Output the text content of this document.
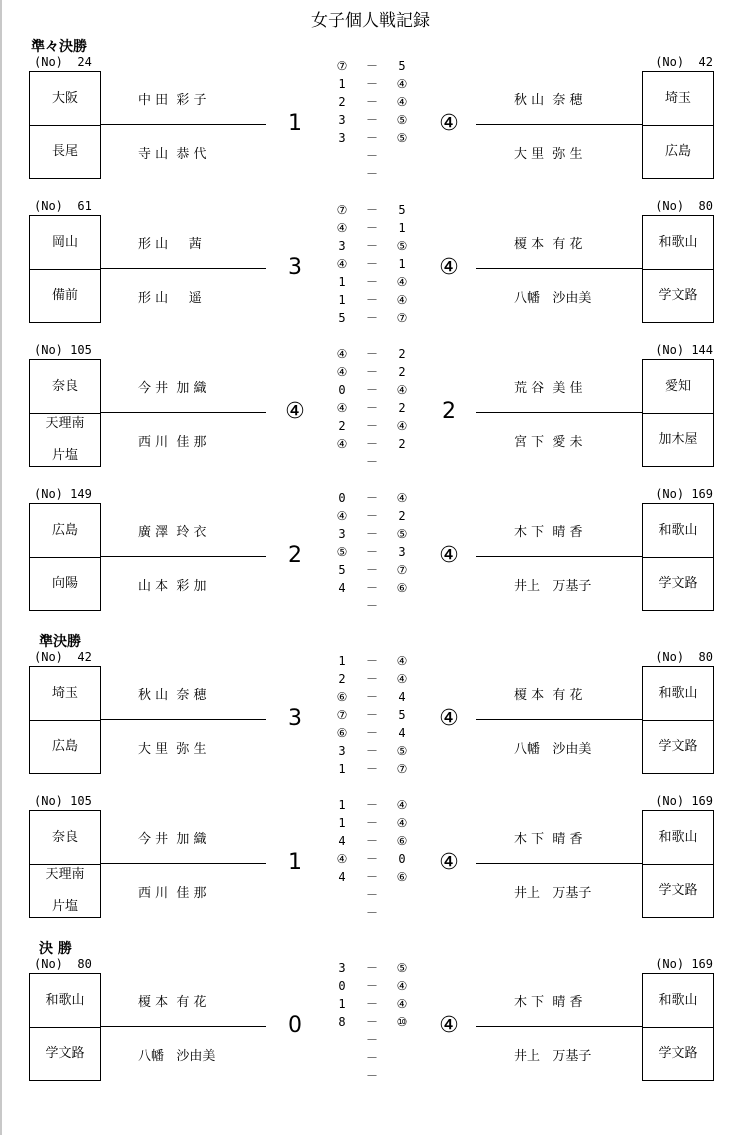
女子個人戦記録
準々決勝
(No)  24
大阪
長尾
中 田  彩 子
寺 山  恭 代
1
(No)  42
埼玉
広島
秋 山  奈 穂
大 里  弥 生
④
⑦	－	5
1	－	④
2	－	④
3	－	⑤
3	－	⑤
－
－
(No)  61
岡山
備前
形 山     茜
形 山     遥
3
(No)  80
和歌山
学文路
榎 本  有 花
八幡   沙由美
④
⑦	－	5
④	－	1
3	－	⑤
④	－	1
1	－	④
1	－	④
5	－	⑦
(No) 105
奈良
天理南

片塩
今 井  加 織
西 川  佳 那
④
(No) 144
愛知
加木屋
荒 谷  美 佳
宮 下  愛 未
2
④	－	2
④	－	2
0	－	④
④	－	2
2	－	④
④	－	2
－
(No) 149
広島
向陽
廣 澤  玲 衣
山 本  彩 加
2
(No) 169
和歌山
学文路
木 下  晴 香
井上   万基子
④
0	－	④
④	－	2
3	－	⑤
⑤	－	3
5	－	⑦
4	－	⑥
－
準決勝
(No)  42
埼玉
広島
秋 山  奈 穂
大 里  弥 生
3
(No)  80
和歌山
学文路
榎 本  有 花
八幡   沙由美
④
1	－	④
2	－	④
⑥	－	4
⑦	－	5
⑥	－	4
3	－	⑤
1	－	⑦
(No) 105
奈良
天理南

片塩
今 井  加 織
西 川  佳 那
1
(No) 169
和歌山
学文路
木 下  晴 香
井上   万基子
④
1	－	④
1	－	④
4	－	⑥
④	－	0
4	－	⑥
－
－
決 勝
(No)  80
和歌山
学文路
榎 本  有 花
八幡   沙由美
0
(No) 169
和歌山
学文路
木 下  晴 香
井上   万基子
④
3	－	⑤
0	－	④
1	－	④
8	－	⑩
－
－
－
